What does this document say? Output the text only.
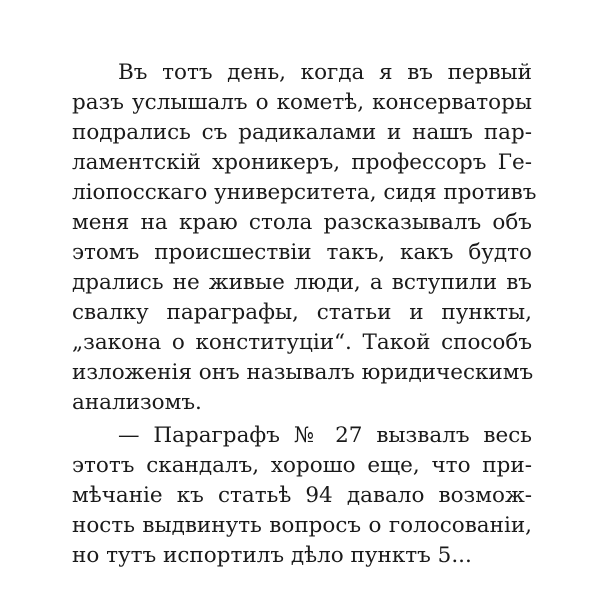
Въ тотъ день, когда я въ первый
разъ услышалъ о кометѣ, консерваторы
подрались съ радикалами и нашъ пар-
ламентскій хроникеръ, профессоръ Ге-
ліопосскаго университета, сидя противъ
меня на краю стола разсказывалъ объ
этомъ происшествіи такъ, какъ будто
дрались не живые люди, а вступили въ
свалку параграфы, статьи и пункты,
„закона о конституціи“. Такой способъ
изложенія онъ называлъ юридическимъ
анализомъ.
— Параграфъ № 27 вызвалъ весь
этотъ скандалъ, хорошо еще, что при-
мѣчаніе къ статьѣ 94 давало возмож-
ность выдвинуть вопросъ о голосованіи,
но тутъ испортилъ дѣло пунктъ 5...
